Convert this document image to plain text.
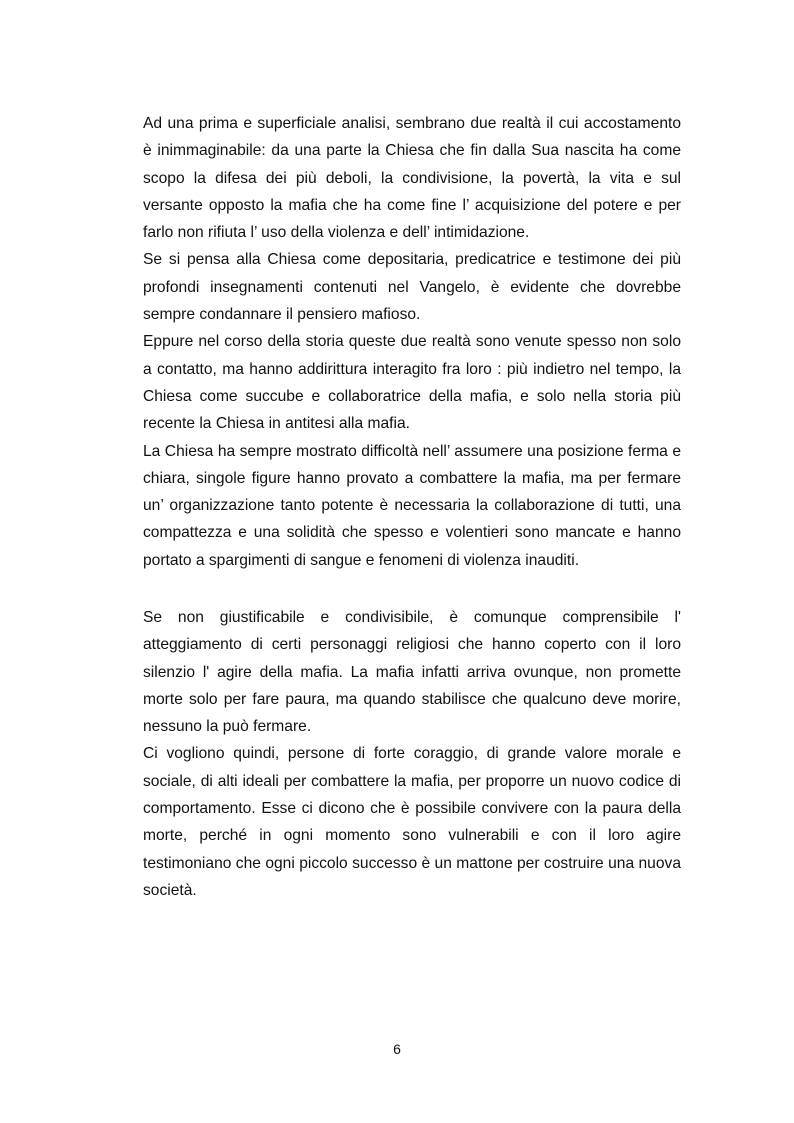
Ad una prima e superficiale analisi, sembrano due realtà il cui accostamento è inimmaginabile: da una parte la Chiesa che fin dalla Sua nascita ha come scopo la difesa dei più deboli, la condivisione, la povertà, la vita e sul versante opposto la mafia che ha come fine l’ acquisizione del potere e per farlo non rifiuta l’ uso della violenza e dell’ intimidazione.

Se si pensa alla Chiesa come depositaria, predicatrice e testimone dei più profondi insegnamenti contenuti nel Vangelo, è evidente che dovrebbe sempre condannare il pensiero mafioso.

Eppure nel corso della storia queste due realtà sono venute spesso non solo a contatto, ma hanno addirittura interagito fra loro : più indietro nel tempo, la Chiesa come succube e collaboratrice della mafia, e solo nella storia più recente la Chiesa in antitesi alla mafia.

La Chiesa ha sempre mostrato difficoltà nell’ assumere una posizione ferma e chiara, singole figure hanno provato a combattere la mafia, ma per fermare un’ organizzazione tanto potente è necessaria la collaborazione di tutti, una compattezza e una solidità che spesso e volentieri sono mancate e hanno portato a spargimenti di sangue e fenomeni di violenza inauditi.

Se non giustificabile e condivisibile, è comunque comprensibile l' atteggiamento di certi personaggi religiosi che hanno coperto con il loro silenzio l' agire della mafia. La mafia infatti arriva ovunque, non promette morte solo per fare paura, ma quando stabilisce che qualcuno deve morire, nessuno la può fermare.

Ci vogliono quindi, persone di forte coraggio, di grande valore morale e sociale, di alti ideali per combattere la mafia, per proporre un nuovo codice di comportamento. Esse ci dicono che è possibile convivere con la paura della morte, perché in ogni momento sono vulnerabili e con il loro agire testimoniano che ogni piccolo successo è un mattone per costruire una nuova società.

6
